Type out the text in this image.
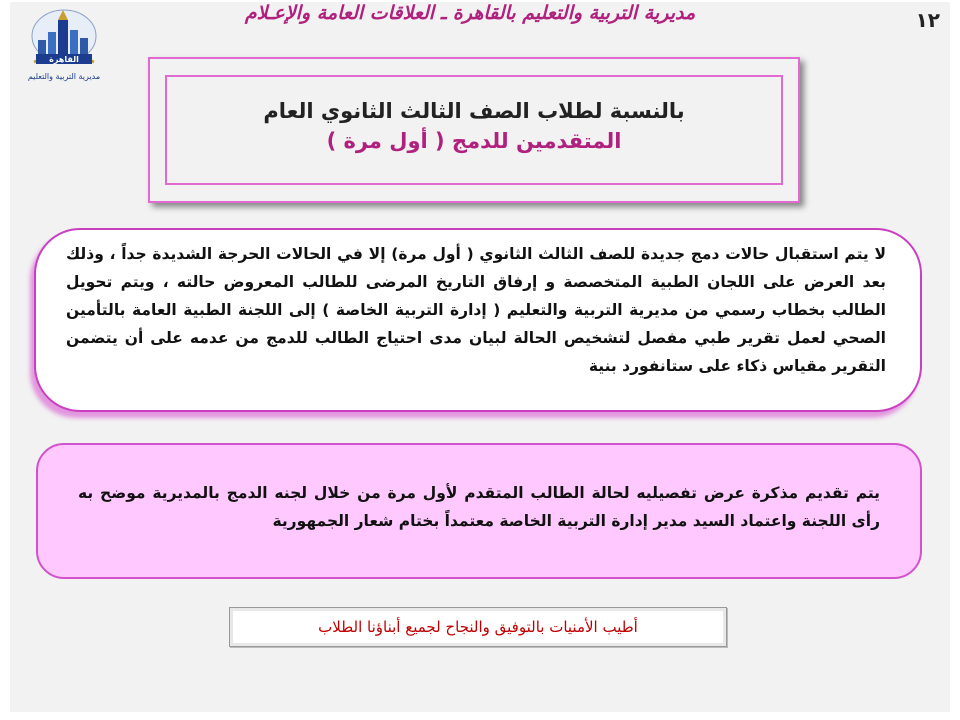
١٢
مديرية التربية والتعليم بالقاهرة ـ العلاقات العامة والإعـلام
القاهرة
مديرية التربية والتعليم
بالنسبة لطلاب الصف الثالث الثانوي العام
المتقدمين للدمج ( أول مرة )
لا يتم استقبال حالات دمج جديدة للصف الثالث الثانوي ( أول مرة) إلا في الحالات الحرجة الشديدة جداً ، وذلك بعد العرض على اللجان الطبية المتخصصة و إرفاق التاريخ المرضى للطالب المعروض حالته ، ويتم تحويل الطالب بخطاب رسمي من مديرية التربية والتعليم ( إدارة التربية الخاصة ) إلى اللجنة الطبية العامة بالتأمين الصحي لعمل تقرير طبي مفصل لتشخيص الحالة لبيان مدى احتياج الطالب للدمج من عدمه على أن يتضمن التقرير مقياس ذكاء على ستانفورد بنية
يتم تقديم مذكرة عرض تفصيليه لحالة الطالب المتقدم لأول مرة من خلال لجنه الدمج بالمديرية موضح به رأى اللجنة واعتماد السيد مدير إدارة التربية الخاصة معتمداً بختام شعار الجمهورية
أطيب الأمنيات بالتوفيق والنجاح لجميع أبناؤنا الطلاب
